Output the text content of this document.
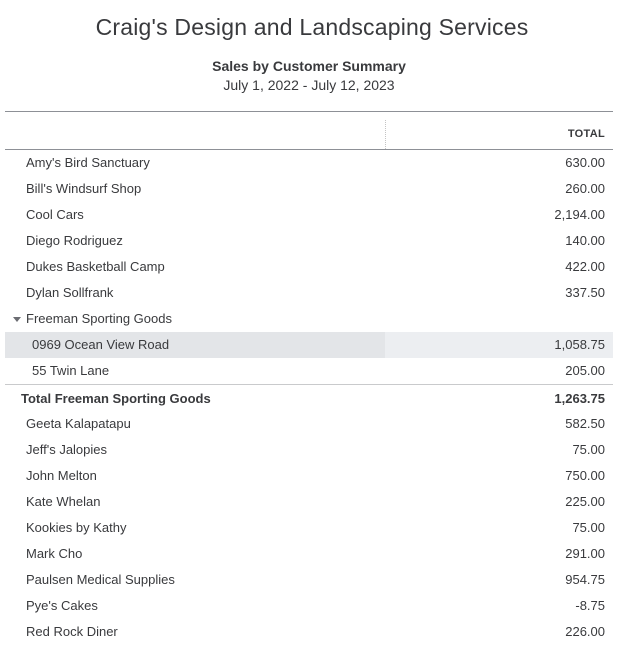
Craig's Design and Landscaping Services
Sales by Customer Summary
July 1, 2022 - July 12, 2023
TOTAL
Amy's Bird Sanctuary	630.00
Bill's Windsurf Shop	260.00
Cool Cars	2,194.00
Diego Rodriguez	140.00
Dukes Basketball Camp	422.00
Dylan Sollfrank	337.50
Freeman Sporting Goods
0969 Ocean View Road	1,058.75
55 Twin Lane	205.00
Total Freeman Sporting Goods	1,263.75
Geeta Kalapatapu	582.50
Jeff's Jalopies	75.00
John Melton	750.00
Kate Whelan	225.00
Kookies by Kathy	75.00
Mark Cho	291.00
Paulsen Medical Supplies	954.75
Pye's Cakes	-8.75
Red Rock Diner	226.00
